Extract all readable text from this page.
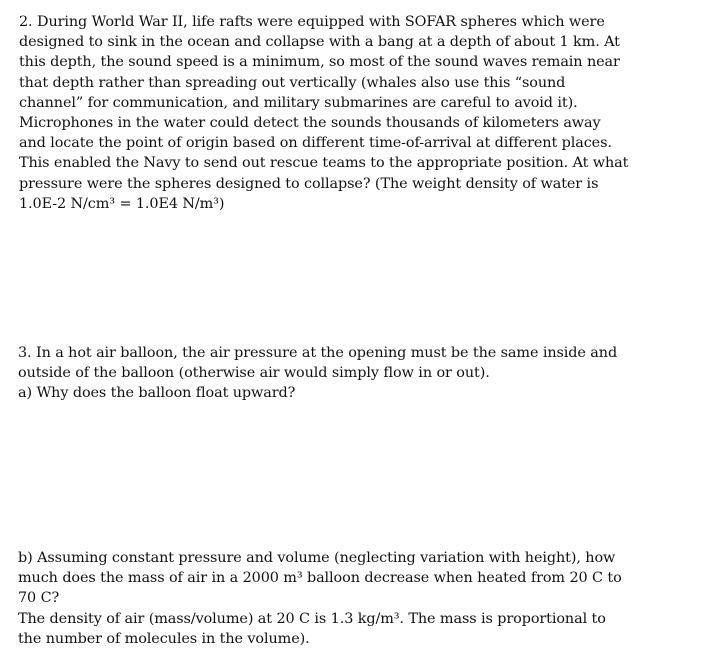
2. During World War II, life rafts were equipped with SOFAR spheres which were
designed to sink in the ocean and collapse with a bang at a depth of about 1 km. At
this depth, the sound speed is a minimum, so most of the sound waves remain near
that depth rather than spreading out vertically (whales also use this “sound
channel” for communication, and military submarines are careful to avoid it).
Microphones in the water could detect the sounds thousands of kilometers away
and locate the point of origin based on different time-of-arrival at different places.
This enabled the Navy to send out rescue teams to the appropriate position. At what
pressure were the spheres designed to collapse? (The weight density of water is
1.0E-2 N/cm³ = 1.0E4 N/m³)
3. In a hot air balloon, the air pressure at the opening must be the same inside and
outside of the balloon (otherwise air would simply flow in or out).
a) Why does the balloon float upward?
b) Assuming constant pressure and volume (neglecting variation with height), how
much does the mass of air in a 2000 m³ balloon decrease when heated from 20 C to
70 C?
The density of air (mass/volume) at 20 C is 1.3 kg/m³. The mass is proportional to
the number of molecules in the volume).
